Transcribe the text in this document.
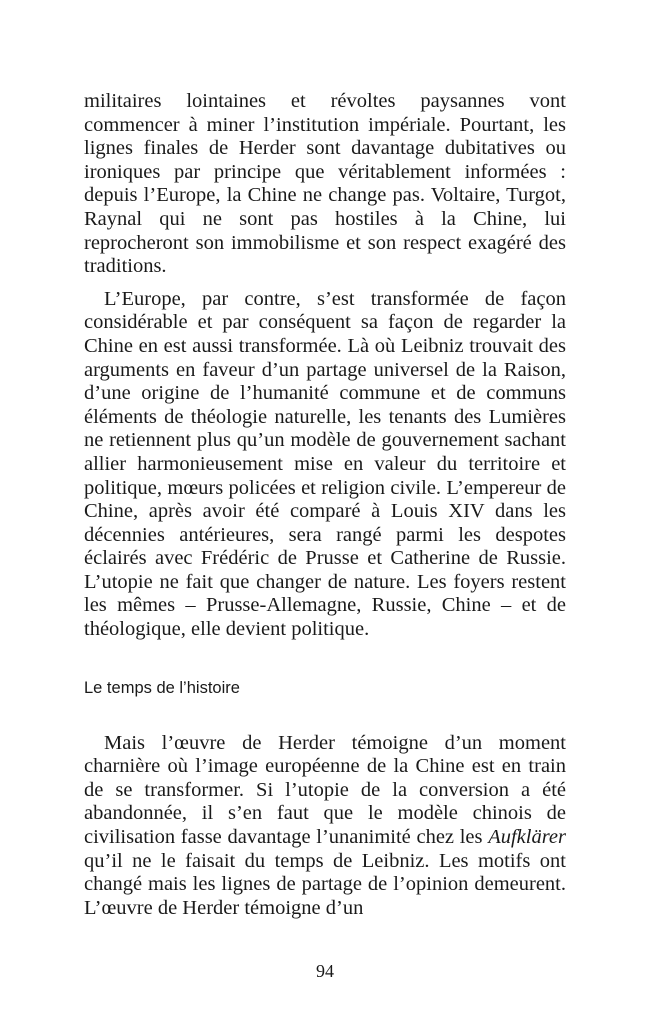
militaires lointaines et révoltes paysannes vont commencer à miner l’institution impériale. Pourtant, les lignes finales de Herder sont davantage dubitatives ou ironiques par principe que véritablement informées : depuis l’Europe, la Chine ne change pas. Voltaire, Turgot, Raynal qui ne sont pas hostiles à la Chine, lui reprocheront son immobilisme et son respect exagéré des traditions.

L’Europe, par contre, s’est transformée de façon considérable et par conséquent sa façon de regarder la Chine en est aussi transformée. Là où Leibniz trouvait des arguments en faveur d’un partage universel de la Raison, d’une origine de l’humanité commune et de communs éléments de théologie naturelle, les tenants des Lumières ne retiennent plus qu’un modèle de gouvernement sachant allier harmonieusement mise en valeur du territoire et politique, mœurs policées et religion civile. L’empereur de Chine, après avoir été comparé à Louis XIV dans les décennies antérieures, sera rangé parmi les despotes éclairés avec Frédéric de Prusse et Catherine de Russie. L’utopie ne fait que changer de nature. Les foyers restent les mêmes – Prusse-Allemagne, Russie, Chine – et de théologique, elle devient politique.

Le temps de l’histoire

Mais l’œuvre de Herder témoigne d’un moment charnière où l’image européenne de la Chine est en train de se transformer. Si l’utopie de la conversion a été abandonnée, il s’en faut que le modèle chinois de civilisation fasse davantage l’unanimité chez les Aufklärer qu’il ne le faisait du temps de Leibniz. Les motifs ont changé mais les lignes de partage de l’opinion demeurent. L’œuvre de Herder témoigne d’un

94
